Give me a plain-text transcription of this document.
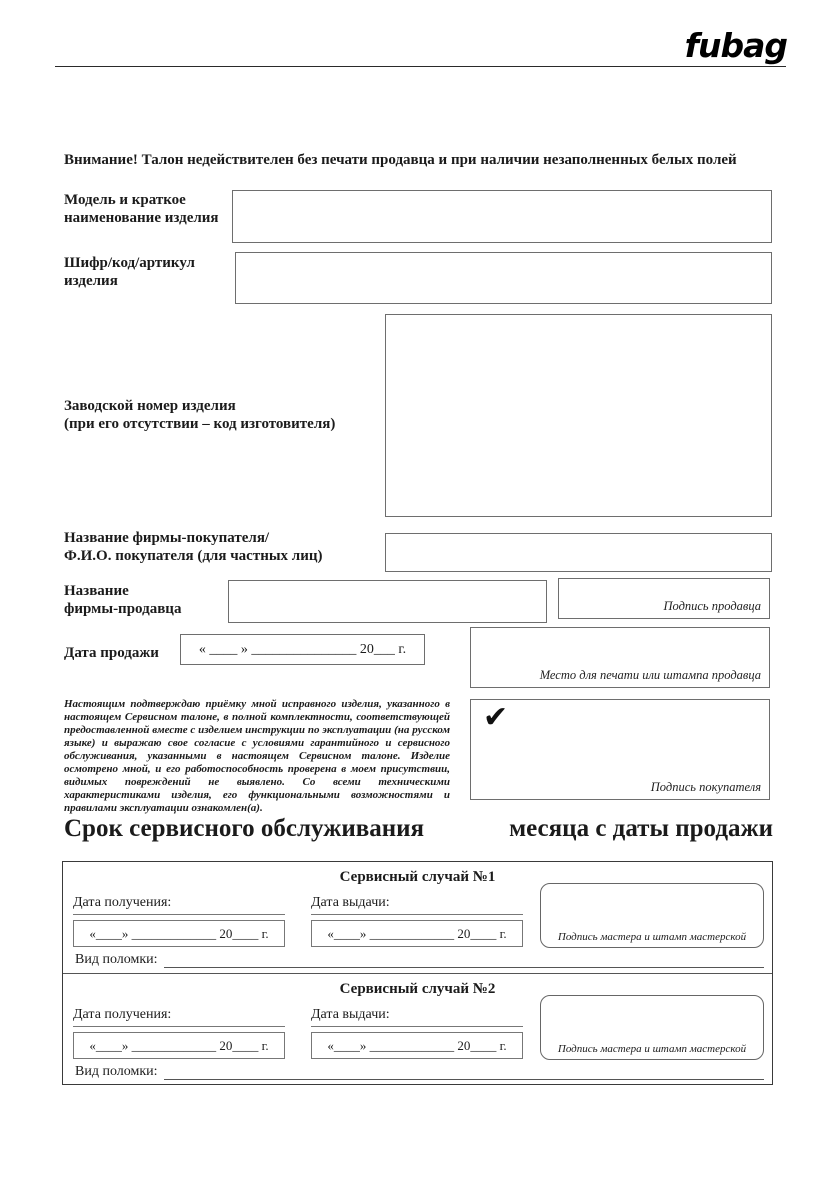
fubag
Внимание! Талон недействителен без печати продавца и при наличии незаполненных белых полей
Модель и краткое
наименование изделия
Шифр/код/артикул
изделия
Заводской номер изделия
(при его отсутствии – код изготовителя)
Название фирмы-покупателя/
Ф.И.О. покупателя (для частных лиц)
Название
фирмы-продавца	Подпись продавца
Дата продажи	« ____ » _______________ 20___ г.
Место для печати или штампа продавца
Настоящим подтверждаю приёмку мной исправного изделия, указанного в настоящем Сервисном талоне, в полной комплектности, соответствующей предоставленной вместе с изделием инструкции по эксплуатации (на русском языке) и выражаю свое согласие с условиями гарантийного и сервисного обслуживания, указанными в настоящем Сервисном талоне. Изделие осмотрено мной, и его работоспособность проверена в моем присутствии, видимых повреждений не выявлено. Со всеми техническими характеристиками изделия, его функциональными возможностями и правилами эксплуатации ознакомлен(а).
✔
Подпись покупателя
Срок сервисного обслуживания	месяца с даты продажи
Сервисный случай №1
Дата получения:
«____» _____________ 20____ г.
Дата выдачи:
«____» _____________ 20____ г.	Подпись мастера и штамп мастерской
Вид поломки:
Сервисный случай №2
Дата получения:
«____» _____________ 20____ г.
Дата выдачи:
«____» _____________ 20____ г.	Подпись мастера и штамп мастерской
Вид поломки:
